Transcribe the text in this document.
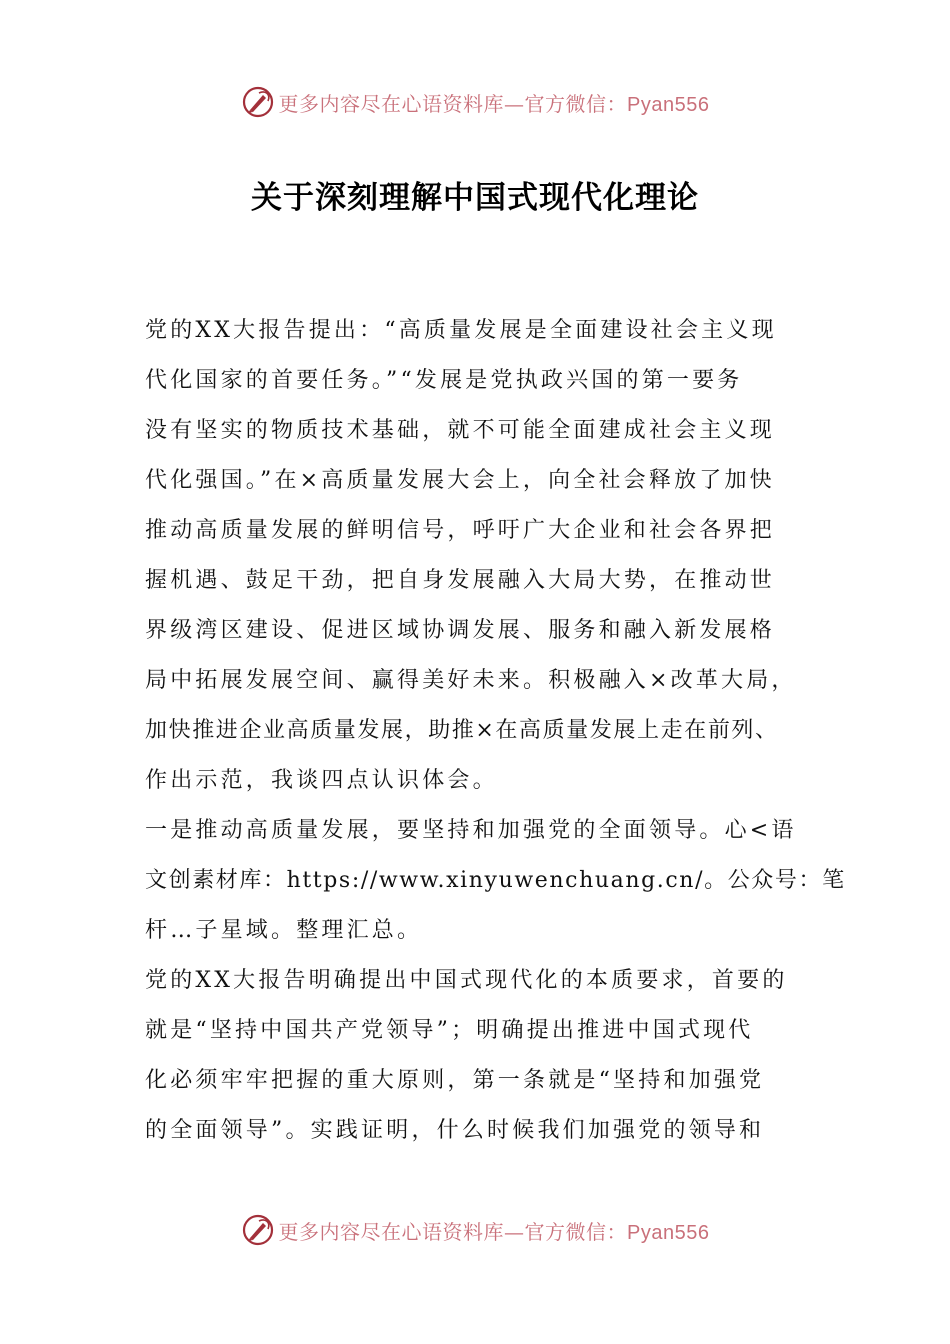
更多内容尽在心语资料库—官方微信：Pyan556
关于深刻理解中国式现代化理论
党的XX大报告提出：“高质量发展是全面建设社会主义现
代化国家的首要任务。”“发展是党执政兴国的第一要务
没有坚实的物质技术基础，就不可能全面建成社会主义现
代化强国。”在×高质量发展大会上，向全社会释放了加快
推动高质量发展的鲜明信号，呼吁广大企业和社会各界把
握机遇、鼓足干劲，把自身发展融入大局大势，在推动世
界级湾区建设、促进区域协调发展、服务和融入新发展格
局中拓展发展空间、赢得美好未来。积极融入×改革大局，
加快推进企业高质量发展，助推×在高质量发展上走在前列、
作出示范，我谈四点认识体会。
一是推动高质量发展，要坚持和加强党的全面领导。心<语
文创素材库：https://www.xinyuwenchuang.cn/。公众号：笔
杆…子星域。整理汇总。
党的XX大报告明确提出中国式现代化的本质要求，首要的
就是“坚持中国共产党领导”；明确提出推进中国式现代
化必须牢牢把握的重大原则，第一条就是“坚持和加强党
的全面领导”。实践证明，什么时候我们加强党的领导和
更多内容尽在心语资料库—官方微信：Pyan556
